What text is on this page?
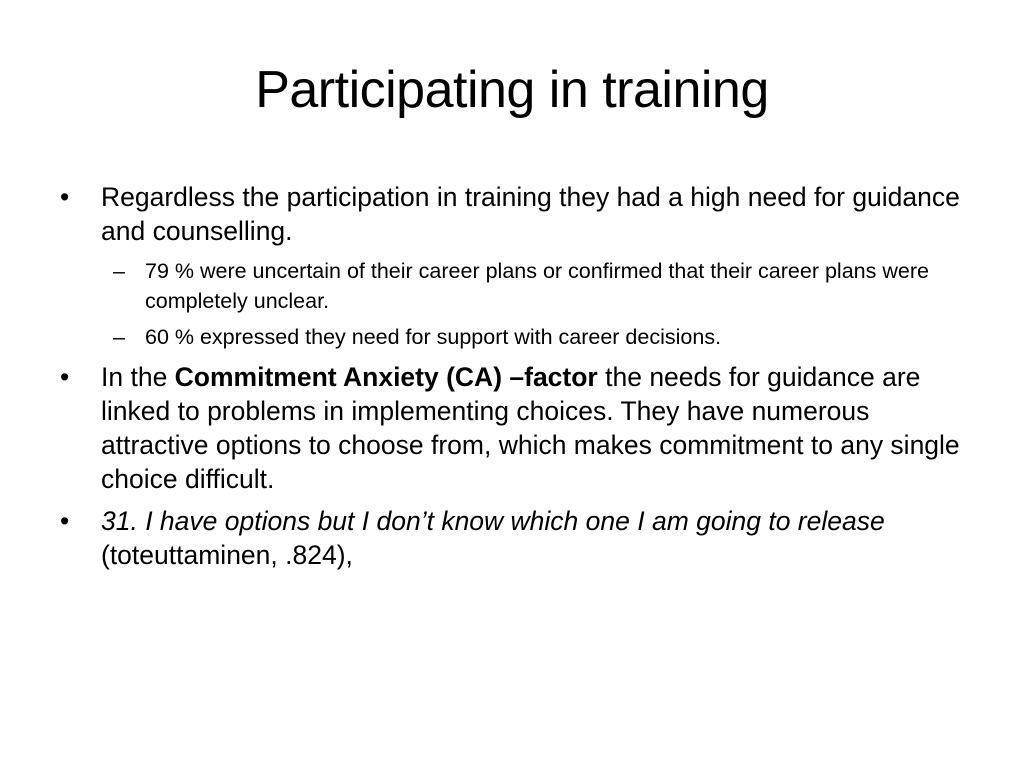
Participating in training
•	Regardless the participation in training they had a high need for guidance and counselling.
– 79 % were uncertain of their career plans or confirmed that their career plans were completely unclear.
– 60 % expressed they need for support with career decisions.
•	In the Commitment Anxiety (CA) –factor the needs for guidance are linked to problems in implementing choices. They have numerous attractive options to choose from, which makes commitment to any single choice difficult.
•	31. I have options but I don’t know which one I am going to release (toteuttaminen, .824),
